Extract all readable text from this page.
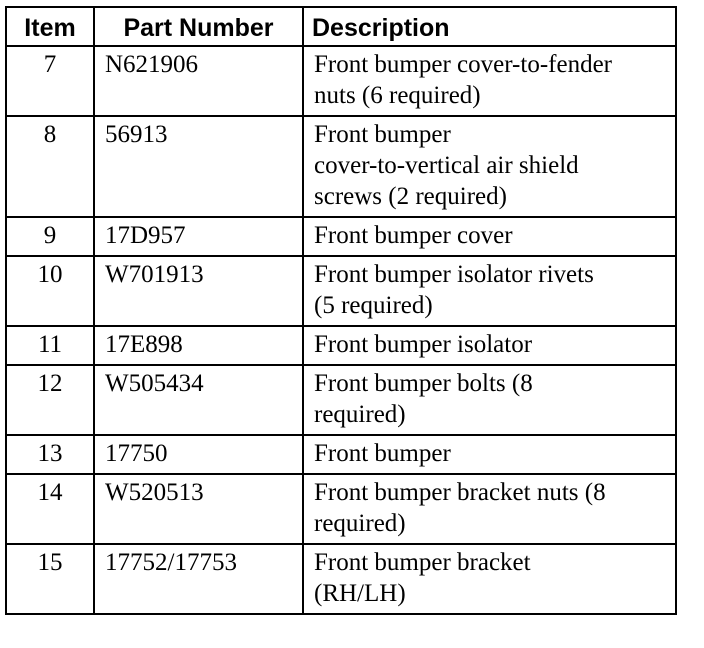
Item	Part Number	Description
7	N621906	Front bumper cover-to-fender
nuts (6 required)

8	56913	Front bumper
cover-to-vertical air shield
screws (2 required)

9	17D957	Front bumper cover

10	W701913	Front bumper isolator rivets
(5 required)

11	17E898	Front bumper isolator

12	W505434	Front bumper bolts (8
required)

13	17750	Front bumper

14	W520513	Front bumper bracket nuts (8
required)

15	17752/17753	Front bumper bracket
(RH/LH)
